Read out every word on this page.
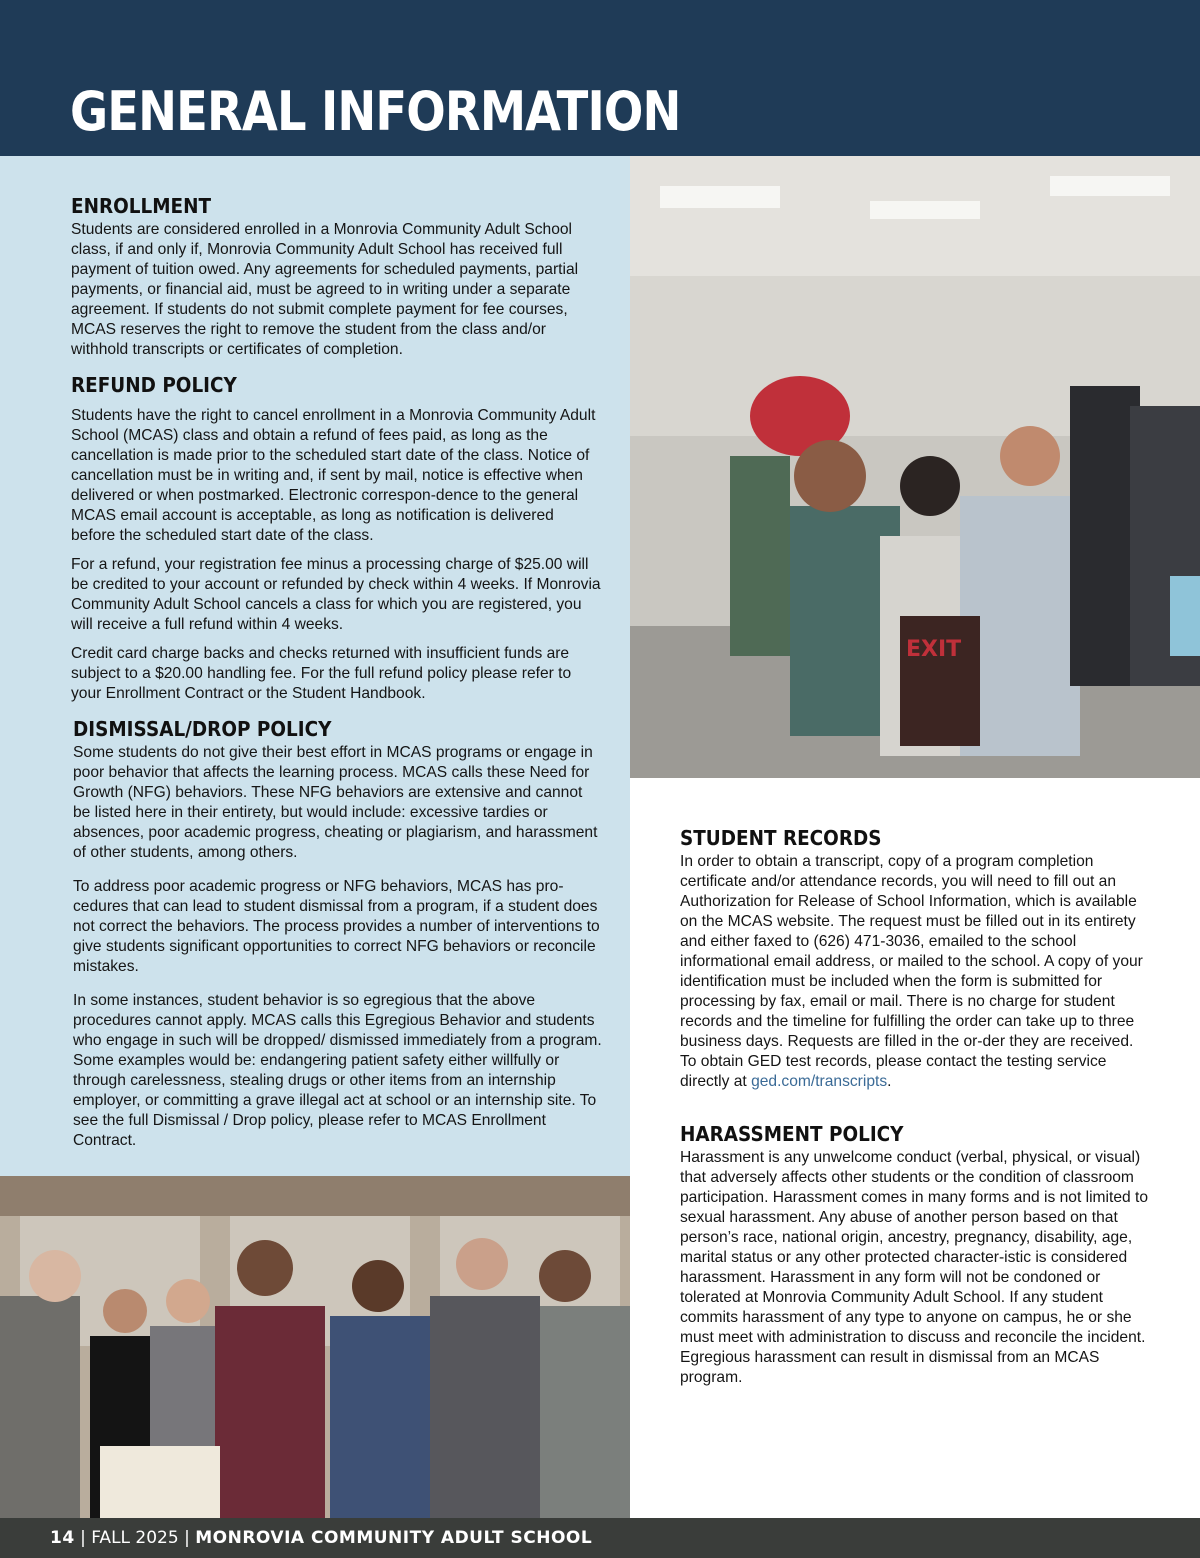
GENERAL INFORMATION
EXIT
ENROLLMENT

Students are considered enrolled in a Monrovia Community Adult School class, if and only if, Monrovia Community Adult School has received full payment of tuition owed. Any agreements for scheduled payments, partial payments, or financial aid, must be agreed to in writing under a separate agreement. If students do not submit complete payment for fee courses, MCAS reserves the right to remove the student from the class and/or withhold transcripts or certificates of completion.

REFUND POLICY

Students have the right to cancel enrollment in a Monrovia Community Adult School (MCAS) class and obtain a refund of fees paid, as long as the cancellation is made prior to the scheduled start date of the class. Notice of cancellation must be in writing and, if sent by mail, notice is effective when delivered or when postmarked. Electronic correspon-dence to the general MCAS email account is acceptable, as long as notification is delivered before the scheduled start date of the class.

For a refund, your registration fee minus a processing charge of $25.00 will be credited to your account or refunded by check within 4 weeks. If Monrovia Community Adult School cancels a class for which you are registered, you will receive a full refund within 4 weeks.

Credit card charge backs and checks returned with insufficient funds are subject to a $20.00 handling fee. For the full refund policy please refer to your Enrollment Contract or the Student Handbook.

DISMISSAL/DROP POLICY

Some students do not give their best effort in MCAS programs or engage in poor behavior that affects the learning process. MCAS calls these Need for Growth (NFG) behaviors. These NFG behaviors are extensive and cannot be listed here in their entirety, but would include: excessive tardies or absences, poor academic progress, cheating or plagiarism, and harassment of other students, among others.

To address poor academic progress or NFG behaviors, MCAS has pro-cedures that can lead to student dismissal from a program, if a student does not correct the behaviors. The process provides a number of interventions to give students significant opportunities to correct NFG behaviors or reconcile mistakes.

In some instances, student behavior is so egregious that the above procedures cannot apply. MCAS calls this Egregious Behavior and students who engage in such will be dropped/ dismissed immediately from a program. Some examples would be: endangering patient safety either willfully or through carelessness, stealing drugs or other items from an internship employer, or committing a grave illegal act at school or an internship site. To see the full Dismissal / Drop policy, please refer to MCAS Enrollment Contract.

STUDENT RECORDS

In order to obtain a transcript, copy of a program completion certificate and/or attendance records, you will need to fill out an Authorization for Release of School Information, which is available on the MCAS website. The request must be filled out in its entirety and either faxed to (626) 471-3036, emailed to the school informational email address, or mailed to the school. A copy of your identification must be included when the form is submitted for processing by fax, email or mail. There is no charge for student records and the timeline for fulfilling the order can take up to three business days. Requests are filled in the or-der they are received. To obtain GED test records, please contact the testing service directly at ged.com/transcripts.

HARASSMENT POLICY

Harassment is any unwelcome conduct (verbal, physical, or visual) that adversely affects other students or the condition of classroom participation. Harassment comes in many forms and is not limited to sexual harassment. Any abuse of another person based on that person’s race, national origin, ancestry, pregnancy, disability, age, marital status or any other protected character-istic is considered harassment. Harassment in any form will not be condoned or tolerated at Monrovia Community Adult School. If any student commits harassment of any type to anyone on campus, he or she must meet with administration to discuss and reconcile the incident. Egregious harassment can result in dismissal from an MCAS program.

14 | FALL 2025 | MONROVIA COMMUNITY ADULT SCHOOL
